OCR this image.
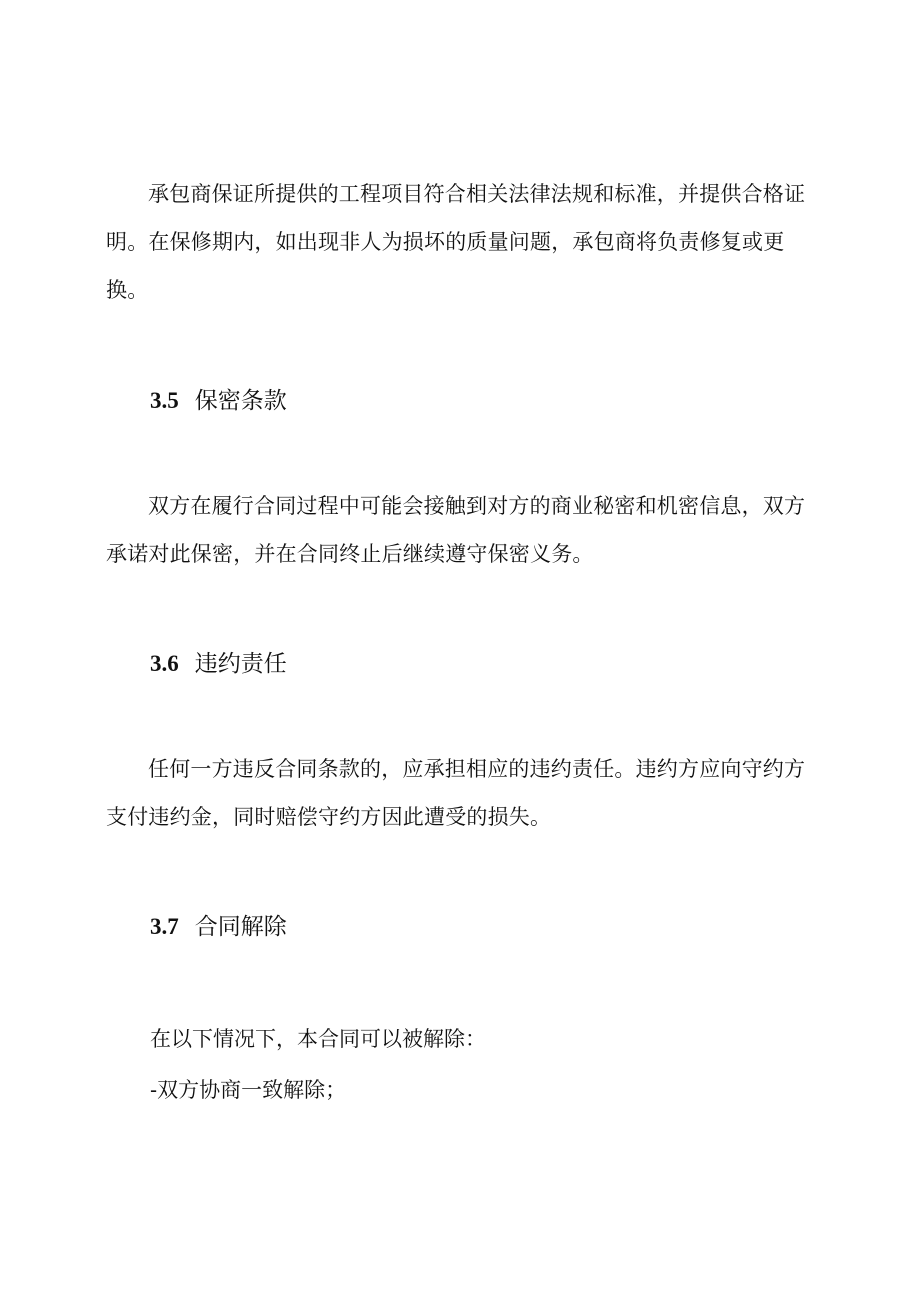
承包商保证所提供的工程项目符合相关法律法规和标准，并提供合格证明。在保修期内，如出现非人为损坏的质量问题，承包商将负责修复或更换。

3.5 保密条款

双方在履行合同过程中可能会接触到对方的商业秘密和机密信息，双方承诺对此保密，并在合同终止后继续遵守保密义务。

3.6 违约责任

任何一方违反合同条款的，应承担相应的违约责任。违约方应向守约方支付违约金，同时赔偿守约方因此遭受的损失。

3.7 合同解除

在以下情况下，本合同可以被解除：

-双方协商一致解除；
